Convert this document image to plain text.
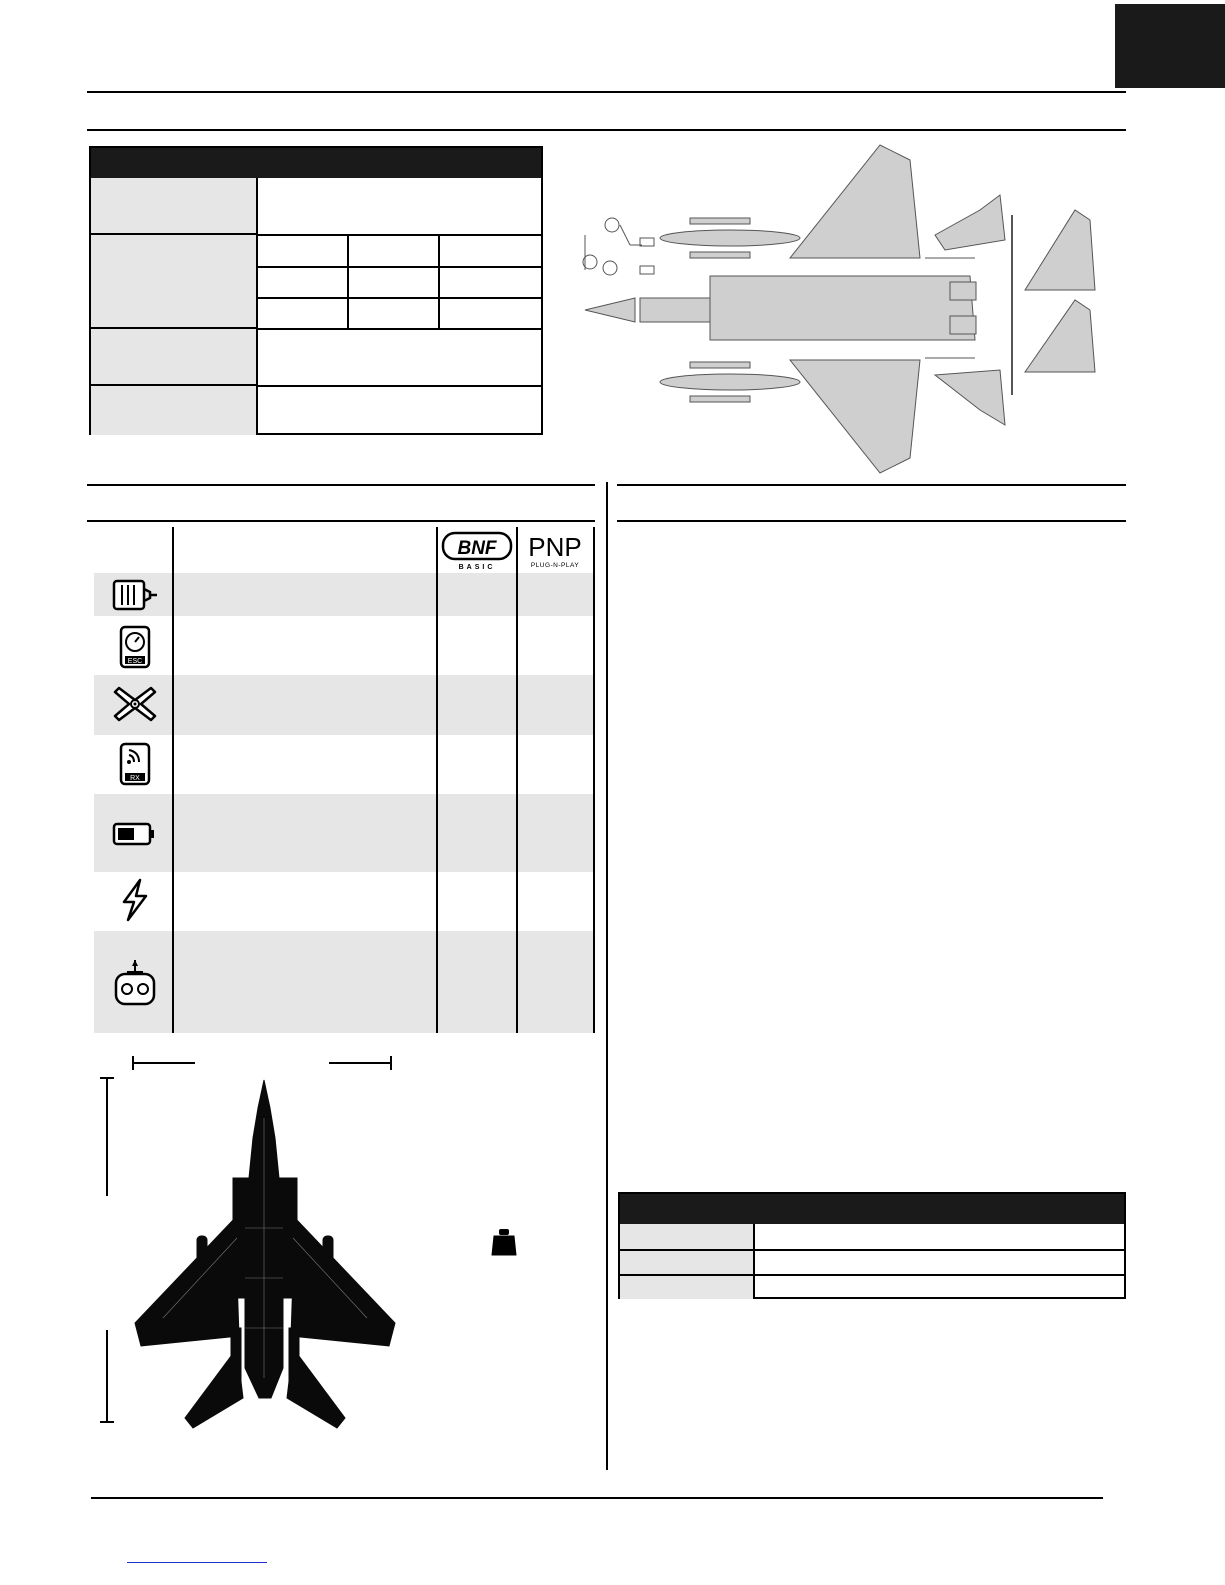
BNF
BASIC
PNP
PLUG-N-PLAY
ESC
RX
